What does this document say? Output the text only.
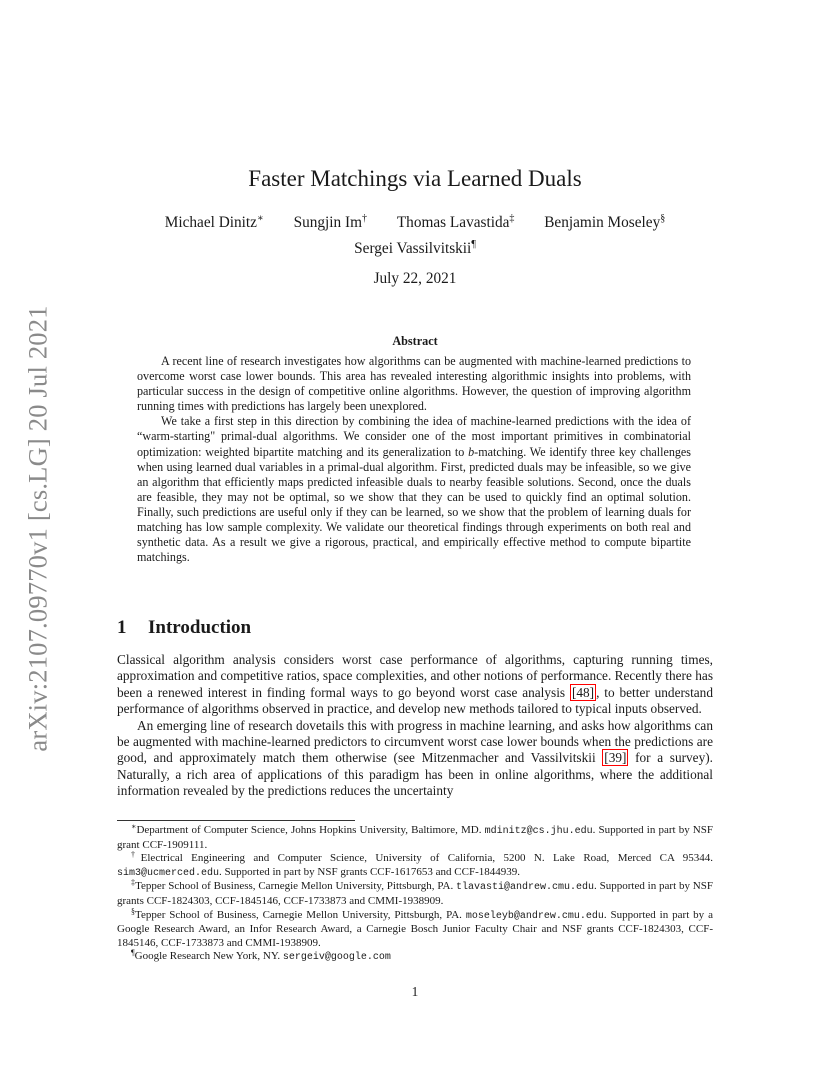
arXiv:2107.09770v1 [cs.LG] 20 Jul 2021
Faster Matchings via Learned Duals
Michael Dinitz∗ Sungjin Im† Thomas Lavastida‡ Benjamin Moseley§
Sergei Vassilvitskii¶
July 22, 2021
Abstract

A recent line of research investigates how algorithms can be augmented with machine-learned predictions to overcome worst case lower bounds. This area has revealed interesting algorithmic insights into problems, with particular success in the design of competitive online algorithms. However, the question of improving algorithm running times with predictions has largely been unexplored.

We take a first step in this direction by combining the idea of machine-learned predictions with the idea of “warm-starting" primal-dual algorithms. We consider one of the most important primitives in combinatorial optimization: weighted bipartite matching and its generalization to b-matching. We identify three key challenges when using learned dual variables in a primal-dual algorithm. First, predicted duals may be infeasible, so we give an algorithm that efficiently maps predicted infeasible duals to nearby feasible solutions. Second, once the duals are feasible, they may not be optimal, so we show that they can be used to quickly find an optimal solution. Finally, such predictions are useful only if they can be learned, so we show that the problem of learning duals for matching has low sample complexity. We validate our theoretical findings through experiments on both real and synthetic data. As a result we give a rigorous, practical, and empirically effective method to compute bipartite matchings.

1 Introduction

Classical algorithm analysis considers worst case performance of algorithms, capturing running times, approximation and competitive ratios, space complexities, and other notions of performance. Recently there has been a renewed interest in finding formal ways to go beyond worst case analysis [48] , to better understand performance of algorithms observed in practice, and develop new methods tailored to typical inputs observed.

An emerging line of research dovetails this with progress in machine learning, and asks how algorithms can be augmented with machine-learned predictors to circumvent worst case lower bounds when the predictions are good, and approximately match them otherwise (see Mitzenmacher and Vassilvitskii [39] for a survey). Naturally, a rich area of applications of this paradigm has been in online algorithms, where the additional information revealed by the predictions reduces the uncertainty

∗Department of Computer Science, Johns Hopkins University, Baltimore, MD. mdinitz@cs.jhu.edu. Supported in part by NSF grant CCF-1909111.

†Electrical Engineering and Computer Science, University of California, 5200 N. Lake Road, Merced CA 95344. sim3@ucmerced.edu. Supported in part by NSF grants CCF-1617653 and CCF-1844939.

‡Tepper School of Business, Carnegie Mellon University, Pittsburgh, PA. tlavasti@andrew.cmu.edu. Supported in part by NSF grants CCF-1824303, CCF-1845146, CCF-1733873 and CMMI-1938909.

§Tepper School of Business, Carnegie Mellon University, Pittsburgh, PA. moseleyb@andrew.cmu.edu. Supported in part by a Google Research Award, an Infor Research Award, a Carnegie Bosch Junior Faculty Chair and NSF grants CCF-1824303, CCF-1845146, CCF-1733873 and CMMI-1938909.

¶Google Research New York, NY. sergeiv@google.com

1
